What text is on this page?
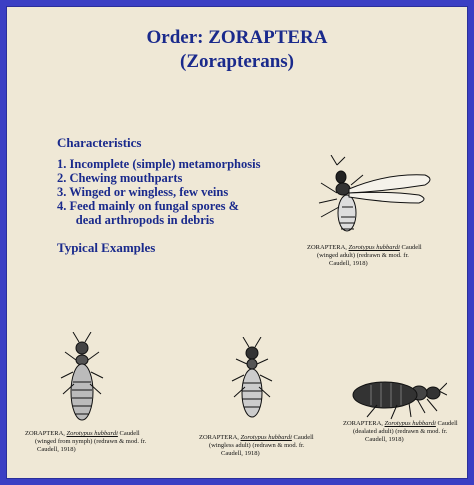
Order: ZORAPTERA
(Zorapterans)
Characteristics
1. Incomplete (simple) metamorphosis
2. Chewing mouthparts
3. Winged or wingless, few veins
4. Feed mainly on fungal spores &
dead arthropods in debris
Typical Examples	ZORAPTERA, Zorotypus hubbardi Caudell
(winged adult) (redrawn & mod. fr.
Caudell, 1918)
ZORAPTERA, Zorotypus hubbardi Caudell
(winged from nymph) (redrawn & mod. fr.
Caudell, 1918)
ZORAPTERA, Zorotypus hubbardi Caudell
(wingless adult) (redrawn & mod. fr.
Caudell, 1918)
ZORAPTERA, Zorotypus hubbardi Caudell
(dealated adult) (redrawn & mod. fr.
Caudell, 1918)
